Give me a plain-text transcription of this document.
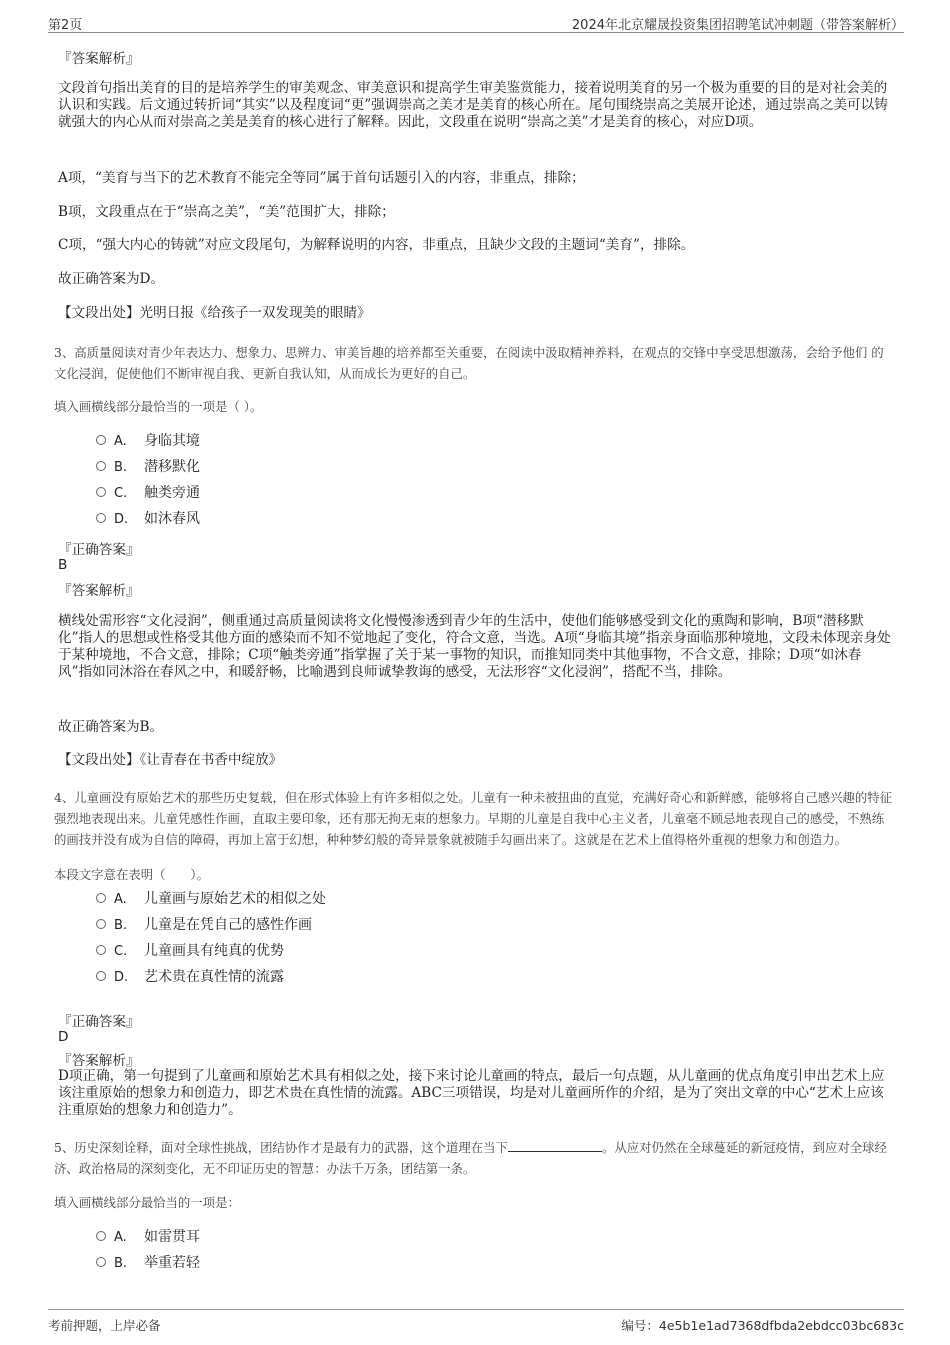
第2页	2024年北京耀晟投资集团招聘笔试冲刺题（带答案解析）
『答案解析』
文段首句指出美育的目的是培养学生的审美观念、审美意识和提高学生审美鉴赏能力，接着说明美育的另一个极为重要的目的是对社会美的认识和实践。后文通过转折词“其实”以及程度词“更”强调崇高之美才是美育的核心所在。尾句围绕崇高之美展开论述，通过崇高之美可以铸就强大的内心从而对崇高之美是美育的核心进行了解释。因此，文段重在说明“崇高之美”才是美育的核心，对应D项。
A项，“美育与当下的艺术教育不能完全等同”属于首句话题引入的内容，非重点，排除；
B项，文段重点在于“崇高之美”，“美”范围扩大，排除；
C项，“强大内心的铸就”对应文段尾句，为解释说明的内容，非重点，且缺少文段的主题词“美育”，排除。
故正确答案为D。
【文段出处】光明日报《给孩子一双发现美的眼睛》
3、高质量阅读对青少年表达力、想象力、思辨力、审美旨趣的培养都至关重要，在阅读中汲取精神养料，在观点的交锋中享受思想激荡，会给予他们 的文化浸润，促使他们不断审视自我、更新自我认知，从而成长为更好的自己。
填入画横线部分最恰当的一项是（ ）。
A. 身临其境
B. 潜移默化
C. 触类旁通
D. 如沐春风
『正确答案』
B
『答案解析』
横线处需形容“文化浸润”，侧重通过高质量阅读将文化慢慢渗透到青少年的生活中，使他们能够感受到文化的熏陶和影响，B项“潜移默化”指人的思想或性格受其他方面的感染而不知不觉地起了变化，符合文意，当选。A项“身临其境”指亲身面临那种境地，文段未体现亲身处于某种境地，不合文意，排除；C项“触类旁通”指掌握了关于某一事物的知识，而推知同类中其他事物，不合文意，排除；D项“如沐春风”指如同沐浴在春风之中，和暖舒畅，比喻遇到良师诚挚教诲的感受，无法形容“文化浸润”，搭配不当，排除。
故正确答案为B。
【文段出处】《让青春在书香中绽放》
4、儿童画没有原始艺术的那些历史复载，但在形式体验上有许多相似之处。儿童有一种未被扭曲的直觉，充满好奇心和新鲜感，能够将自己感兴趣的特征强烈地表现出来。儿童凭感性作画，直取主要印象，还有那无拘无束的想象力。早期的儿童是自我中心主义者，儿童毫不顾忌地表现自己的感受，不熟练的画技并没有成为自信的障碍，再加上富于幻想，种种梦幻般的奇异景象就被随手勾画出来了。这就是在艺术上值得格外重视的想象力和创造力。
本段文字意在表明（　　）。
A. 儿童画与原始艺术的相似之处
B. 儿童是在凭自己的感性作画
C. 儿童画具有纯真的优势
D. 艺术贵在真性情的流露
『正确答案』
D
『答案解析』
D项正确，第一句提到了儿童画和原始艺术具有相似之处，接下来讨论儿童画的特点，最后一句点题，从儿童画的优点角度引申出艺术上应该注重原始的想象力和创造力，即艺术贵在真性情的流露。ABC三项错误，均是对儿童画所作的介绍，是为了突出文章的中心“艺术上应该注重原始的想象力和创造力”。
5、历史深刻诠释，面对全球性挑战，团结协作才是最有力的武器，这个道理在当下	。从应对仍然在全球蔓延的新冠疫情，到应对全球经济、政治格局的深刻变化，无不印证历史的智慧：办法千万条，团结第一条。
填入画横线部分最恰当的一项是：
A. 如雷贯耳
B. 举重若轻
考前押题，上岸必备	编号：4e5b1e1ad7368dfbda2ebdcc03bc683c
